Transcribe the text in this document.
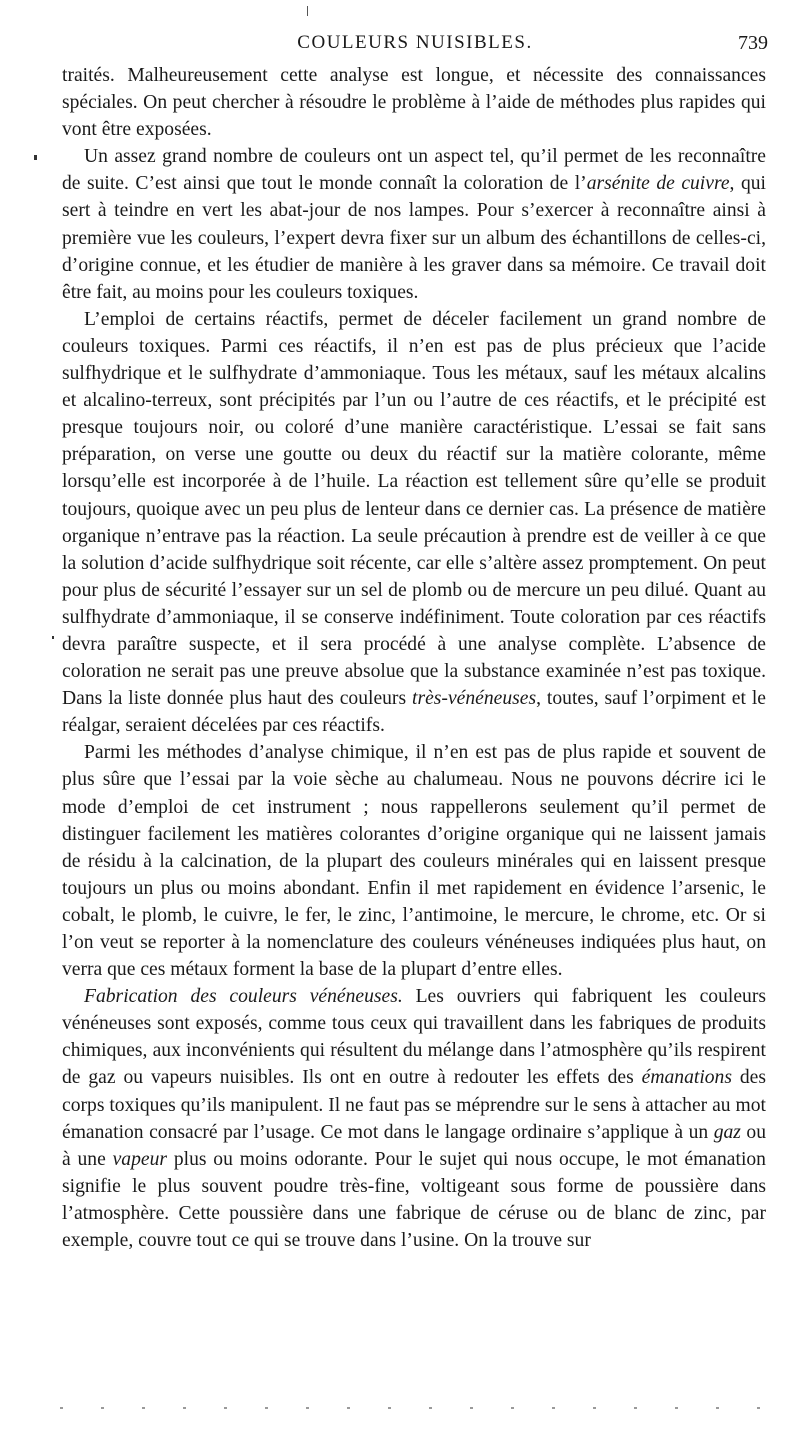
COULEURS NUISIBLES.	739

traités. Malheureusement cette analyse est longue, et nécessite des connaissances spéciales. On peut chercher à résoudre le problème à l’aide de méthodes plus rapides qui vont être exposées.

Un assez grand nombre de couleurs ont un aspect tel, qu’il permet de les reconnaître de suite. C’est ainsi que tout le monde connaît la coloration de l’arsénite de cuivre, qui sert à teindre en vert les abat-jour de nos lampes. Pour s’exercer à reconnaître ainsi à première vue les couleurs, l’expert devra fixer sur un album des échantillons de celles-ci, d’origine connue, et les étudier de manière à les graver dans sa mémoire. Ce travail doit être fait, au moins pour les couleurs toxiques.

L’emploi de certains réactifs, permet de déceler facilement un grand nombre de couleurs toxiques. Parmi ces réactifs, il n’en est pas de plus précieux que l’acide sulfhydrique et le sulfhydrate d’ammoniaque. Tous les métaux, sauf les métaux alcalins et alcalino-terreux, sont précipités par l’un ou l’autre de ces réactifs, et le précipité est presque toujours noir, ou coloré d’une manière caractéristique. L’essai se fait sans préparation, on verse une goutte ou deux du réactif sur la matière colorante, même lorsqu’elle est incorporée à de l’huile. La réaction est tellement sûre qu’elle se produit toujours, quoique avec un peu plus de lenteur dans ce dernier cas. La présence de matière organique n’entrave pas la réaction. La seule précaution à prendre est de veiller à ce que la solution d’acide sulfhydrique soit récente, car elle s’altère assez promptement. On peut pour plus de sécurité l’essayer sur un sel de plomb ou de mercure un peu dilué. Quant au sulfhydrate d’ammoniaque, il se conserve indéfiniment. Toute coloration par ces réactifs devra paraître suspecte, et il sera procédé à une analyse complète. L’absence de coloration ne serait pas une preuve absolue que la substance examinée n’est pas toxique. Dans la liste donnée plus haut des couleurs très-vénéneuses, toutes, sauf l’orpiment et le réalgar, seraient décelées par ces réactifs.

Parmi les méthodes d’analyse chimique, il n’en est pas de plus rapide et souvent de plus sûre que l’essai par la voie sèche au chalumeau. Nous ne pouvons décrire ici le mode d’emploi de cet instrument ; nous rappellerons seulement qu’il permet de distinguer facilement les matières colorantes d’origine organique qui ne laissent jamais de résidu à la calcination, de la plupart des couleurs minérales qui en laissent presque toujours un plus ou moins abondant. Enfin il met rapidement en évidence l’arsenic, le cobalt, le plomb, le cuivre, le fer, le zinc, l’antimoine, le mercure, le chrome, etc. Or si l’on veut se reporter à la nomenclature des couleurs vénéneuses indiquées plus haut, on verra que ces métaux forment la base de la plupart d’entre elles.

Fabrication des couleurs vénéneuses. Les ouvriers qui fabriquent les couleurs vénéneuses sont exposés, comme tous ceux qui travaillent dans les fabriques de produits chimiques, aux inconvénients qui résultent du mélange dans l’atmosphère qu’ils respirent de gaz ou vapeurs nuisibles. Ils ont en outre à redouter les effets des émanations des corps toxiques qu’ils manipulent. Il ne faut pas se méprendre sur le sens à attacher au mot émanation consacré par l’usage. Ce mot dans le langage ordinaire s’applique à un gaz ou à une vapeur plus ou moins odorante. Pour le sujet qui nous occupe, le mot émanation signifie le plus souvent poudre très-fine, voltigeant sous forme de poussière dans l’atmosphère. Cette poussière dans une fabrique de céruse ou de blanc de zinc, par exemple, couvre tout ce qui se trouve dans l’usine. On la trouve sur
